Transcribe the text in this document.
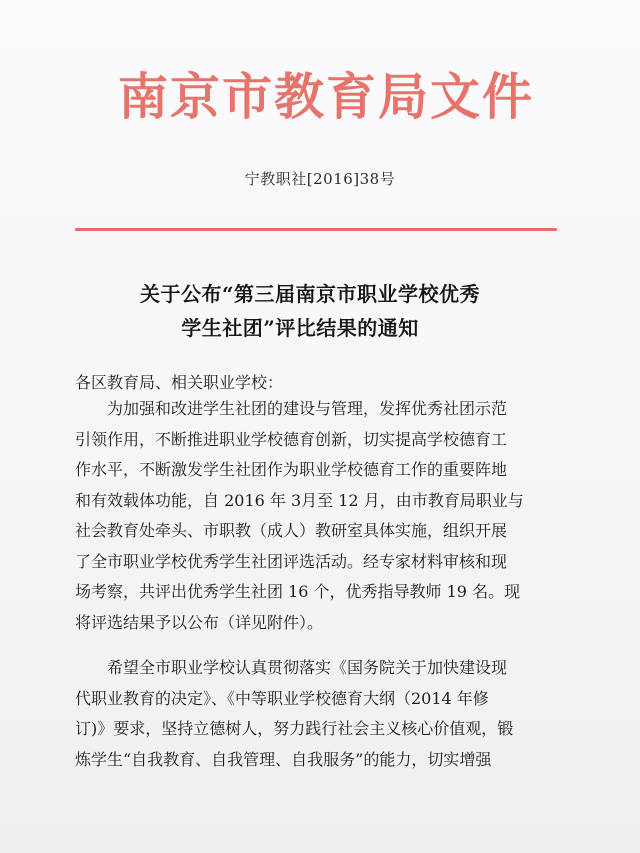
南京市教育局文件
宁教职社[2016]38号
关于公布“第三届南京市职业学校优秀
学生社团”评比结果的通知
各区教育局、相关职业学校：
为加强和改进学生社团的建设与管理，发挥优秀社团示范
引领作用，不断推进职业学校德育创新，切实提高学校德育工
作水平，不断激发学生社团作为职业学校德育工作的重要阵地
和有效载体功能，自 2016 年 3月至 12 月，由市教育局职业与
社会教育处牵头、市职教（成人）教研室具体实施，组织开展
了全市职业学校优秀学生社团评选活动。经专家材料审核和现
场考察，共评出优秀学生社团 16 个，优秀指导教师 19 名。现
将评选结果予以公布（详见附件）。
希望全市职业学校认真贯彻落实《国务院关于加快建设现
代职业教育的决定》、《中等职业学校德育大纲（2014 年修
订)》要求，坚持立德树人，努力践行社会主义核心价值观，锻
炼学生“自我教育、自我管理、自我服务”的能力，切实增强
